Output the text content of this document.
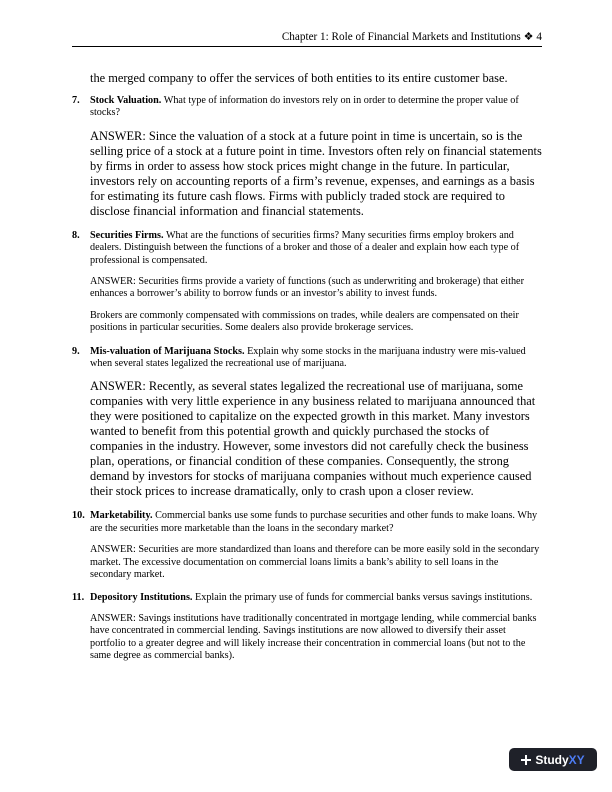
Chapter 1: Role of Financial Markets and Institutions ❖ 4

the merged company to offer the services of both entities to its entire customer base.

7. Stock Valuation. What type of information do investors rely on in order to determine the proper value of stocks?

ANSWER: Since the valuation of a stock at a future point in time is uncertain, so is the selling price of a stock at a future point in time. Investors often rely on financial statements by firms in order to assess how stock prices might change in the future. In particular, investors rely on accounting reports of a firm’s revenue, expenses, and earnings as a basis for estimating its future cash flows. Firms with publicly traded stock are required to disclose financial information and financial statements.

8. Securities Firms. What are the functions of securities firms? Many securities firms employ brokers and dealers. Distinguish between the functions of a broker and those of a dealer and explain how each type of professional is compensated.

ANSWER: Securities firms provide a variety of functions (such as underwriting and brokerage) that either enhances a borrower’s ability to borrow funds or an investor’s ability to invest funds.

Brokers are commonly compensated with commissions on trades, while dealers are compensated on their positions in particular securities. Some dealers also provide brokerage services.

9. Mis-valuation of Marijuana Stocks. Explain why some stocks in the marijuana industry were mis-valued when several states legalized the recreational use of marijuana.

ANSWER: Recently, as several states legalized the recreational use of marijuana, some companies with very little experience in any business related to marijuana announced that they were positioned to capitalize on the expected growth in this market. Many investors wanted to benefit from this potential growth and quickly purchased the stocks of companies in the industry. However, some investors did not carefully check the business plan, operations, or financial condition of these companies. Consequently, the strong demand by investors for stocks of marijuana companies without much experience caused their stock prices to increase dramatically, only to crash upon a closer review.

10. Marketability. Commercial banks use some funds to purchase securities and other funds to make loans. Why are the securities more marketable than the loans in the secondary market?

ANSWER: Securities are more standardized than loans and therefore can be more easily sold in the secondary market. The excessive documentation on commercial loans limits a bank’s ability to sell loans in the secondary market.

11. Depository Institutions. Explain the primary use of funds for commercial banks versus savings institutions.

ANSWER: Savings institutions have traditionally concentrated in mortgage lending, while commercial banks have concentrated in commercial lending. Savings institutions are now allowed to diversify their asset portfolio to a greater degree and will likely increase their concentration in commercial loans (but not to the same degree as commercial banks).

StudyXY
